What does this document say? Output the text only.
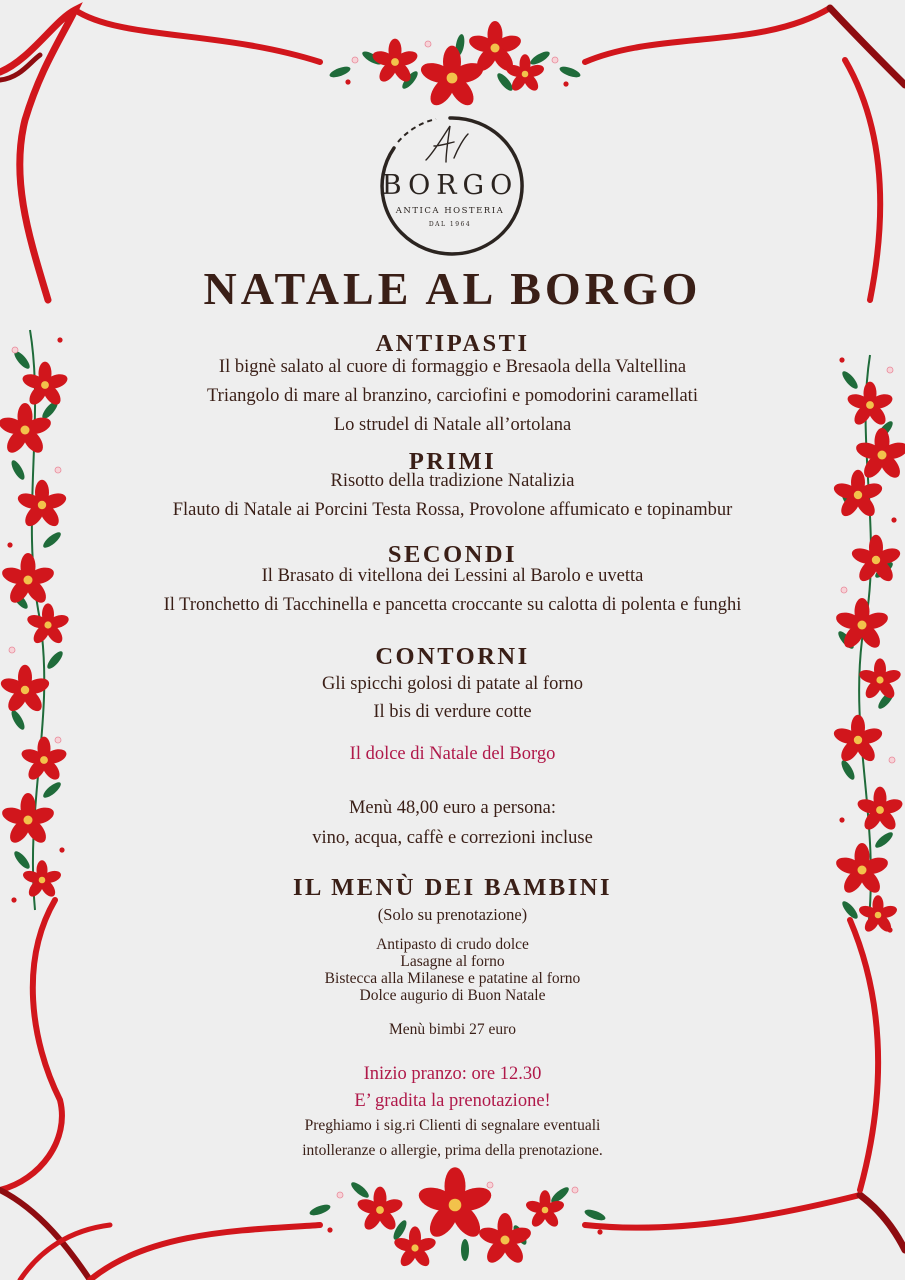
BORGO
ANTICA HOSTERIA
DAL 1964
NATALE AL BORGO
ANTIPASTI
Il bignè salato al cuore di formaggio e Bresaola della Valtellina
Triangolo di mare al branzino, carciofini e pomodorini caramellati
Lo strudel di Natale all’ortolana
PRIMI
Risotto della tradizione Natalizia
Flauto di Natale ai Porcini Testa Rossa, Provolone affumicato e topinambur
SECONDI
Il Brasato di vitellona dei Lessini al Barolo e uvetta
Il Tronchetto di Tacchinella e pancetta croccante su calotta di polenta e funghi
CONTORNI
Gli spicchi golosi di patate al forno
Il bis di verdure cotte
Il dolce di Natale del Borgo
Menù 48,00 euro a persona:
vino, acqua, caffè e correzioni incluse
IL MENÙ DEI BAMBINI
(Solo su prenotazione)
Antipasto di crudo dolce
Lasagne al forno
Bistecca alla Milanese e patatine al forno
Dolce augurio di Buon Natale
Menù bimbi 27 euro
Inizio pranzo: ore 12.30
E’ gradita la prenotazione!
Preghiamo i sig.ri Clienti di segnalare eventuali
intolleranze o allergie, prima della prenotazione.
